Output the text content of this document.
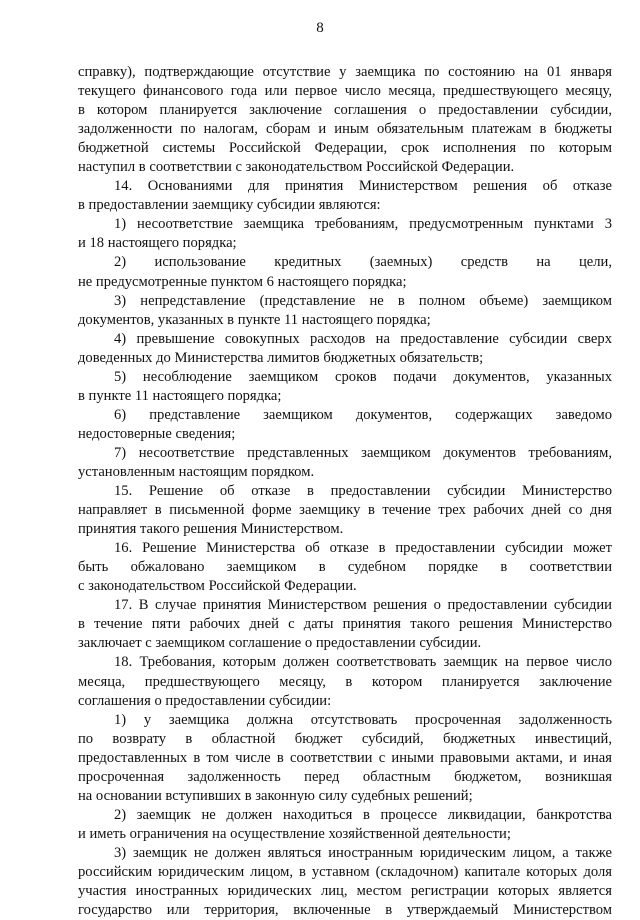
8
справку), подтверждающие отсутствие у заемщика по состоянию на 01 января
текущего финансового года или первое число месяца, предшествующего месяцу,
в котором планируется заключение соглашения о предоставлении субсидии,
задолженности по налогам, сборам и иным обязательным платежам в бюджеты
бюджетной системы Российской Федерации, срок исполнения по которым
наступил в соответствии с законодательством Российской Федерации.
14. Основаниями для принятия Министерством решения об отказе
в предоставлении заемщику субсидии являются:
1) несоответствие заемщика требованиям, предусмотренным пунктами 3
и 18 настоящего порядка;
2) использование кредитных (заемных) средств на цели,
не предусмотренные пунктом 6 настоящего порядка;
3) непредставление (представление не в полном объеме) заемщиком
документов, указанных в пункте 11 настоящего порядка;
4) превышение совокупных расходов на предоставление субсидии сверх
доведенных до Министерства лимитов бюджетных обязательств;
5) несоблюдение заемщиком сроков подачи документов, указанных
в пункте 11 настоящего порядка;
6) представление заемщиком документов, содержащих заведомо
недостоверные сведения;
7) несоответствие представленных заемщиком документов требованиям,
установленным настоящим порядком.
15. Решение об отказе в предоставлении субсидии Министерство
направляет в письменной форме заемщику в течение трех рабочих дней со дня
принятия такого решения Министерством.
16. Решение Министерства об отказе в предоставлении субсидии может
быть обжаловано заемщиком в судебном порядке в соответствии
с законодательством Российской Федерации.
17. В случае принятия Министерством решения о предоставлении субсидии
в течение пяти рабочих дней с даты принятия такого решения Министерство
заключает с заемщиком соглашение о предоставлении субсидии.
18. Требования, которым должен соответствовать заемщик на первое число
месяца, предшествующего месяцу, в котором планируется заключение
соглашения о предоставлении субсидии:
1) у заемщика должна отсутствовать просроченная задолженность
по возврату в областной бюджет субсидий, бюджетных инвестиций,
предоставленных в том числе в соответствии с иными правовыми актами, и иная
просроченная задолженность перед областным бюджетом, возникшая
на основании вступивших в законную силу судебных решений;
2) заемщик не должен находиться в процессе ликвидации, банкротства
и иметь ограничения на осуществление хозяйственной деятельности;
3) заемщик не должен являться иностранным юридическим лицом, а также
российским юридическим лицом, в уставном (складочном) капитале которых доля
участия иностранных юридических лиц, местом регистрации которых является
государство или территория, включенные в утверждаемый Министерством
